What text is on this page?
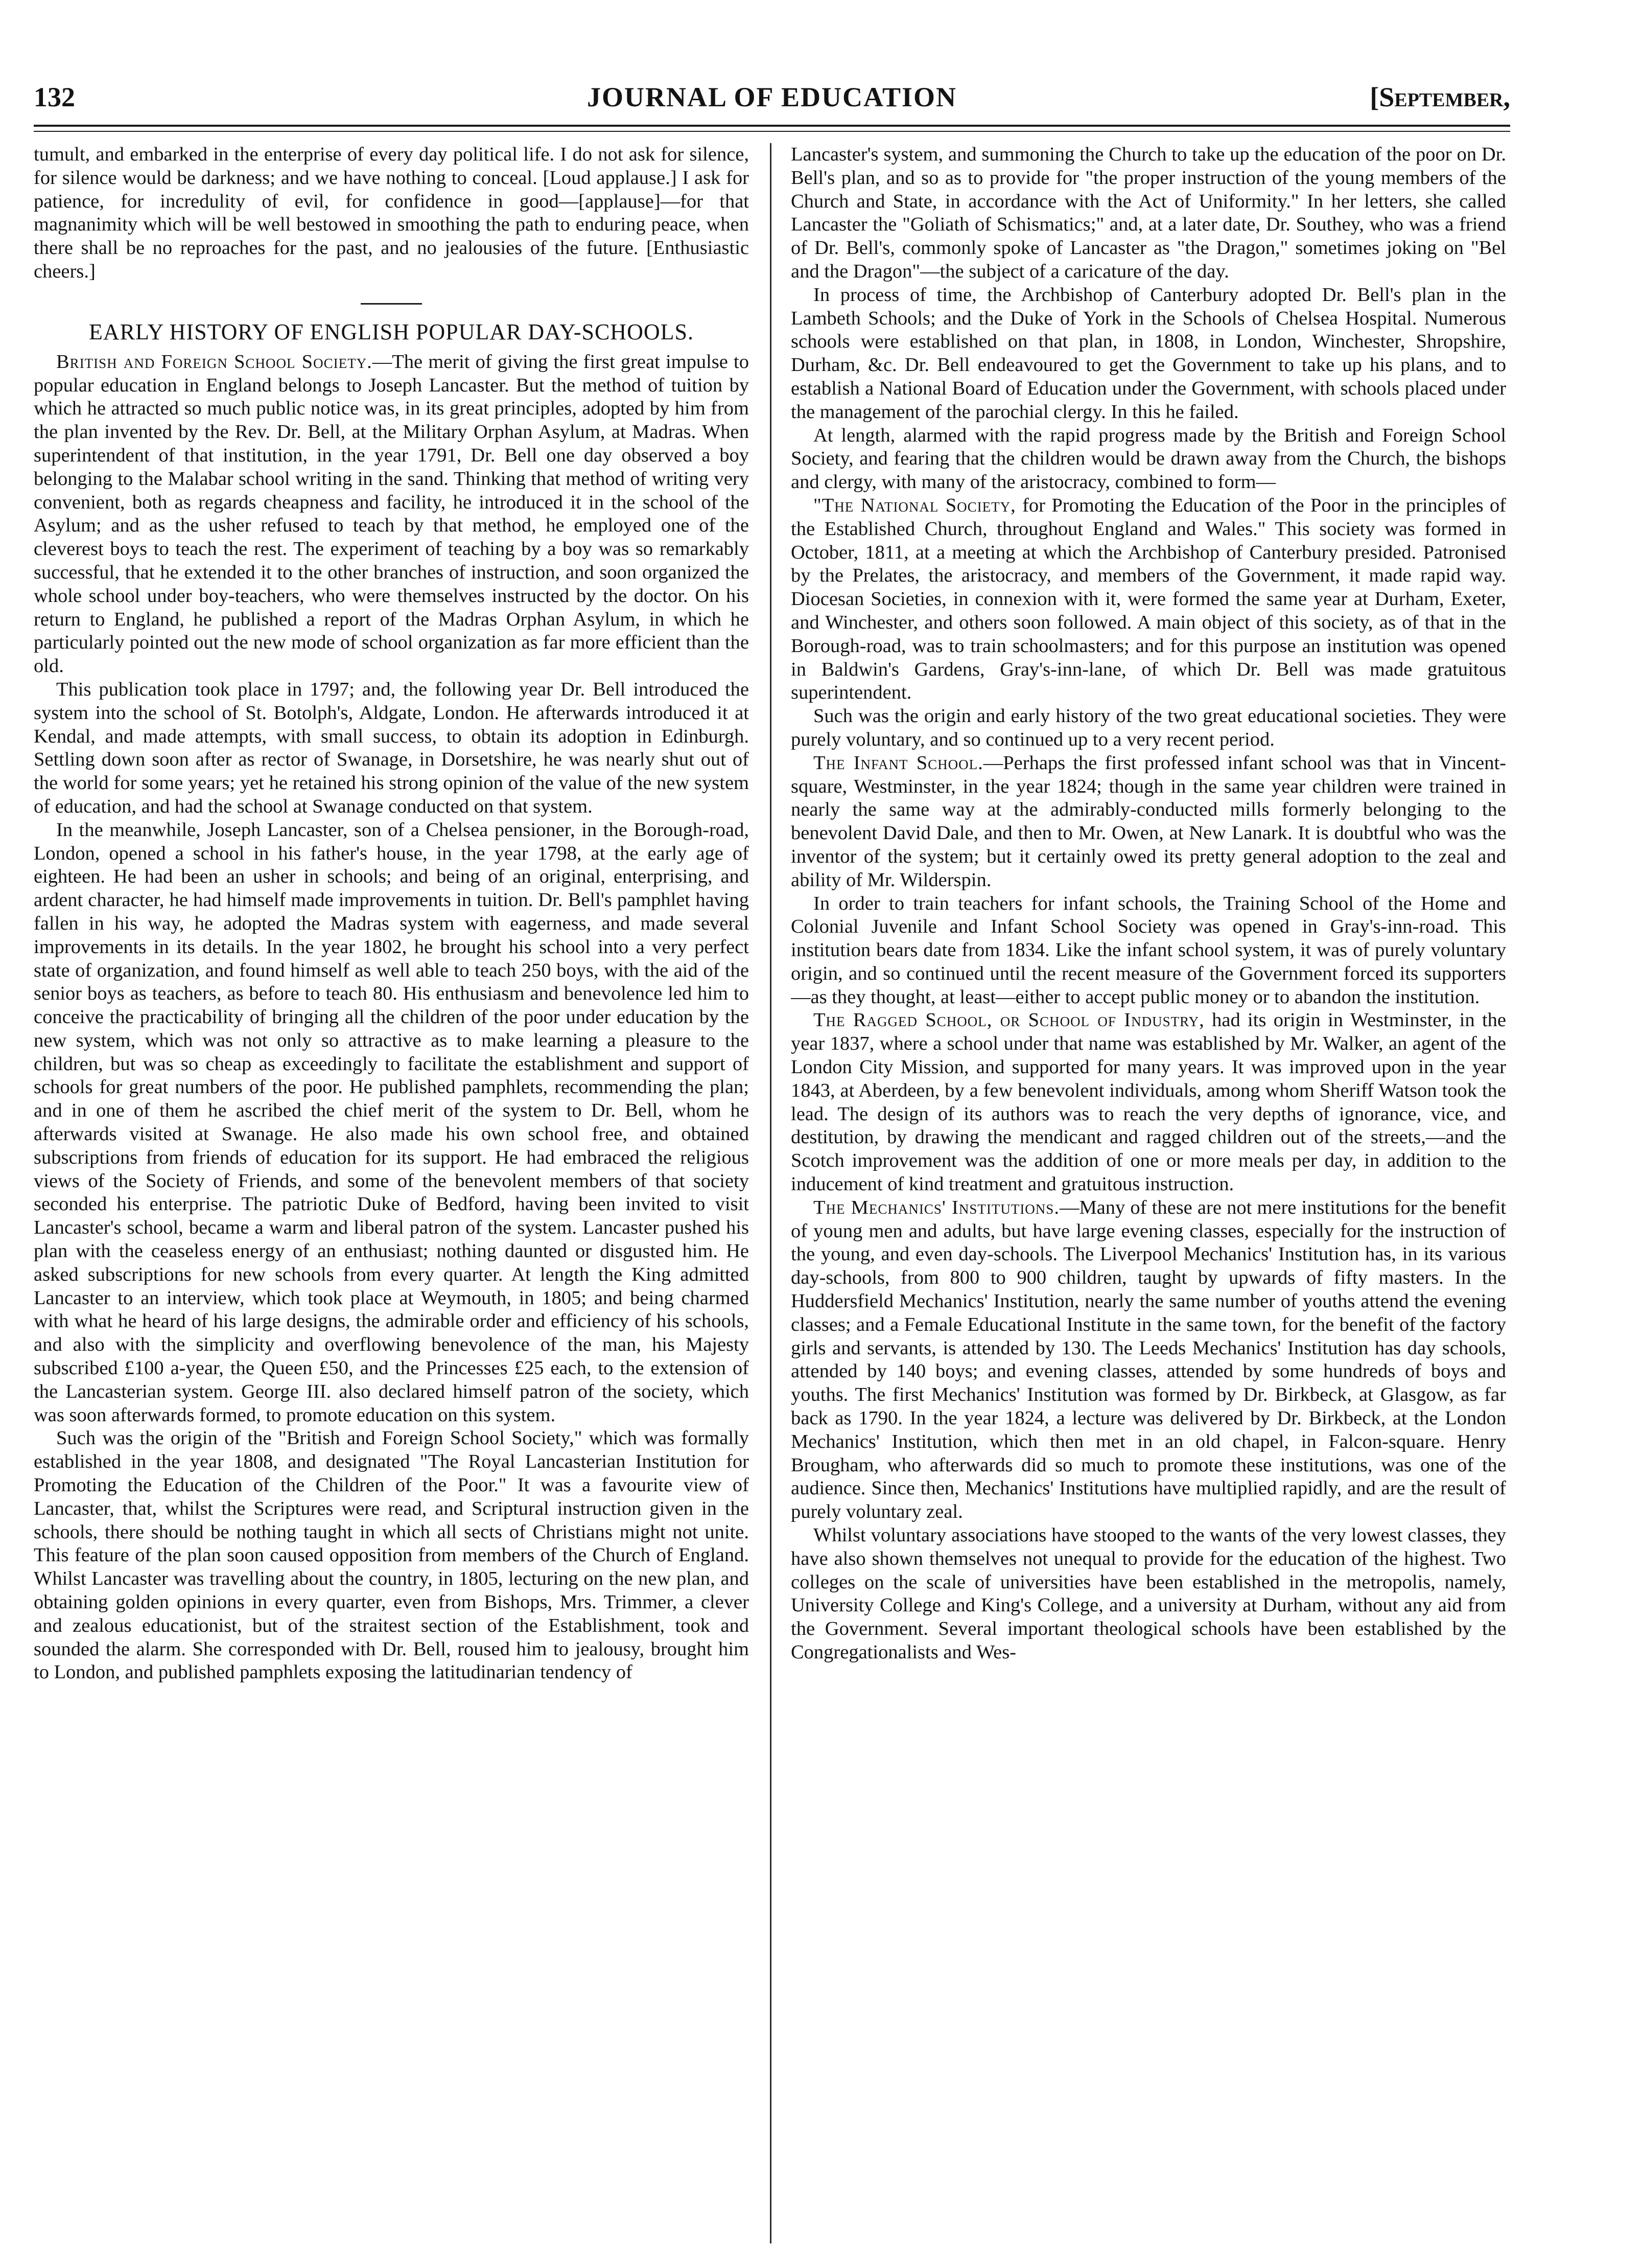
132	JOURNAL OF EDUCATION	[September,

tumult, and embarked in the enterprise of every day political life. I do not ask for silence, for silence would be darkness; and we have nothing to conceal. [Loud applause.] I ask for patience, for incredulity of evil, for confidence in good—[applause]—for that magnanimity which will be well bestowed in smoothing the path to enduring peace, when there shall be no reproaches for the past, and no jealousies of the future. [Enthusiastic cheers.]

EARLY HISTORY OF ENGLISH POPULAR DAY-SCHOOLS.

British and Foreign School Society.—The merit of giving the first great impulse to popular education in England belongs to Joseph Lancaster. But the method of tuition by which he attracted so much public notice was, in its great principles, adopted by him from the plan invented by the Rev. Dr. Bell, at the Military Orphan Asylum, at Madras. When superintendent of that institution, in the year 1791, Dr. Bell one day observed a boy belonging to the Malabar school writing in the sand. Thinking that method of writing very convenient, both as regards cheapness and facility, he introduced it in the school of the Asylum; and as the usher refused to teach by that method, he employed one of the cleverest boys to teach the rest. The experiment of teaching by a boy was so remarkably successful, that he extended it to the other branches of instruction, and soon organized the whole school under boy-teachers, who were themselves instructed by the doctor. On his return to England, he published a report of the Madras Orphan Asylum, in which he particularly pointed out the new mode of school organization as far more efficient than the old.

This publication took place in 1797; and, the following year Dr. Bell introduced the system into the school of St. Botolph's, Aldgate, London. He afterwards introduced it at Kendal, and made attempts, with small success, to obtain its adoption in Edinburgh. Settling down soon after as rector of Swanage, in Dorsetshire, he was nearly shut out of the world for some years; yet he retained his strong opinion of the value of the new system of education, and had the school at Swanage conducted on that system.

In the meanwhile, Joseph Lancaster, son of a Chelsea pensioner, in the Borough-road, London, opened a school in his father's house, in the year 1798, at the early age of eighteen. He had been an usher in schools; and being of an original, enterprising, and ardent character, he had himself made improvements in tuition. Dr. Bell's pamphlet having fallen in his way, he adopted the Madras system with eagerness, and made several improvements in its details. In the year 1802, he brought his school into a very perfect state of organization, and found himself as well able to teach 250 boys, with the aid of the senior boys as teachers, as before to teach 80. His enthusiasm and benevolence led him to conceive the practicability of bringing all the children of the poor under education by the new system, which was not only so attractive as to make learning a pleasure to the children, but was so cheap as exceedingly to facilitate the establishment and support of schools for great numbers of the poor. He published pamphlets, recommending the plan; and in one of them he ascribed the chief merit of the system to Dr. Bell, whom he afterwards visited at Swanage. He also made his own school free, and obtained subscriptions from friends of education for its support. He had embraced the religious views of the Society of Friends, and some of the benevolent members of that society seconded his enterprise. The patriotic Duke of Bedford, having been invited to visit Lancaster's school, became a warm and liberal patron of the system. Lancaster pushed his plan with the ceaseless energy of an enthusiast; nothing daunted or disgusted him. He asked subscriptions for new schools from every quarter. At length the King admitted Lancaster to an interview, which took place at Weymouth, in 1805; and being charmed with what he heard of his large designs, the admirable order and efficiency of his schools, and also with the simplicity and overflowing benevolence of the man, his Majesty subscribed £100 a-year, the Queen £50, and the Princesses £25 each, to the extension of the Lancasterian system. George III. also declared himself patron of the society, which was soon afterwards formed, to promote education on this system.

Such was the origin of the "British and Foreign School Society," which was formally established in the year 1808, and designated "The Royal Lancasterian Institution for Promoting the Education of the Children of the Poor." It was a favourite view of Lancaster, that, whilst the Scriptures were read, and Scriptural instruction given in the schools, there should be nothing taught in which all sects of Christians might not unite. This feature of the plan soon caused opposition from members of the Church of England. Whilst Lancaster was travelling about the country, in 1805, lecturing on the new plan, and obtaining golden opinions in every quarter, even from Bishops, Mrs. Trimmer, a clever and zealous educationist, but of the straitest section of the Establishment, took and sounded the alarm. She corresponded with Dr. Bell, roused him to jealousy, brought him to London, and published pamphlets exposing the latitudinarian tendency of

Lancaster's system, and summoning the Church to take up the education of the poor on Dr. Bell's plan, and so as to provide for "the proper instruction of the young members of the Church and State, in accordance with the Act of Uniformity." In her letters, she called Lancaster the "Goliath of Schismatics;" and, at a later date, Dr. Southey, who was a friend of Dr. Bell's, commonly spoke of Lancaster as "the Dragon," sometimes joking on "Bel and the Dragon"—the subject of a caricature of the day.

In process of time, the Archbishop of Canterbury adopted Dr. Bell's plan in the Lambeth Schools; and the Duke of York in the Schools of Chelsea Hospital. Numerous schools were established on that plan, in 1808, in London, Winchester, Shropshire, Durham, &c. Dr. Bell endeavoured to get the Government to take up his plans, and to establish a National Board of Education under the Government, with schools placed under the management of the parochial clergy. In this he failed.

At length, alarmed with the rapid progress made by the British and Foreign School Society, and fearing that the children would be drawn away from the Church, the bishops and clergy, with many of the aristocracy, combined to form—

"The National Society, for Promoting the Education of the Poor in the principles of the Established Church, throughout England and Wales." This society was formed in October, 1811, at a meeting at which the Archbishop of Canterbury presided. Patronised by the Prelates, the aristocracy, and members of the Government, it made rapid way. Diocesan Societies, in connexion with it, were formed the same year at Durham, Exeter, and Winchester, and others soon followed. A main object of this society, as of that in the Borough-road, was to train schoolmasters; and for this purpose an institution was opened in Baldwin's Gardens, Gray's-inn-lane, of which Dr. Bell was made gratuitous superintendent.

Such was the origin and early history of the two great educational societies. They were purely voluntary, and so continued up to a very recent period.

The Infant School.—Perhaps the first professed infant school was that in Vincent-square, Westminster, in the year 1824; though in the same year children were trained in nearly the same way at the admirably-conducted mills formerly belonging to the benevolent David Dale, and then to Mr. Owen, at New Lanark. It is doubtful who was the inventor of the system; but it certainly owed its pretty general adoption to the zeal and ability of Mr. Wilderspin.

In order to train teachers for infant schools, the Training School of the Home and Colonial Juvenile and Infant School Society was opened in Gray's-inn-road. This institution bears date from 1834. Like the infant school system, it was of purely voluntary origin, and so continued until the recent measure of the Government forced its supporters—as they thought, at least—either to accept public money or to abandon the institution.

The Ragged School, or School of Industry, had its origin in Westminster, in the year 1837, where a school under that name was established by Mr. Walker, an agent of the London City Mission, and supported for many years. It was improved upon in the year 1843, at Aberdeen, by a few benevolent individuals, among whom Sheriff Watson took the lead. The design of its authors was to reach the very depths of ignorance, vice, and destitution, by drawing the mendicant and ragged children out of the streets,—and the Scotch improvement was the addition of one or more meals per day, in addition to the inducement of kind treatment and gratuitous instruction.

The Mechanics' Institutions.—Many of these are not mere institutions for the benefit of young men and adults, but have large evening classes, especially for the instruction of the young, and even day-schools. The Liverpool Mechanics' Institution has, in its various day-schools, from 800 to 900 children, taught by upwards of fifty masters. In the Huddersfield Mechanics' Institution, nearly the same number of youths attend the evening classes; and a Female Educational Institute in the same town, for the benefit of the factory girls and servants, is attended by 130. The Leeds Mechanics' Institution has day schools, attended by 140 boys; and evening classes, attended by some hundreds of boys and youths. The first Mechanics' Institution was formed by Dr. Birkbeck, at Glasgow, as far back as 1790. In the year 1824, a lecture was delivered by Dr. Birkbeck, at the London Mechanics' Institution, which then met in an old chapel, in Falcon-square. Henry Brougham, who afterwards did so much to promote these institutions, was one of the audience. Since then, Mechanics' Institutions have multiplied rapidly, and are the result of purely voluntary zeal.

Whilst voluntary associations have stooped to the wants of the very lowest classes, they have also shown themselves not unequal to provide for the education of the highest. Two colleges on the scale of universities have been established in the metropolis, namely, University College and King's College, and a university at Durham, without any aid from the Government. Several important theological schools have been established by the Congregationalists and Wes-
